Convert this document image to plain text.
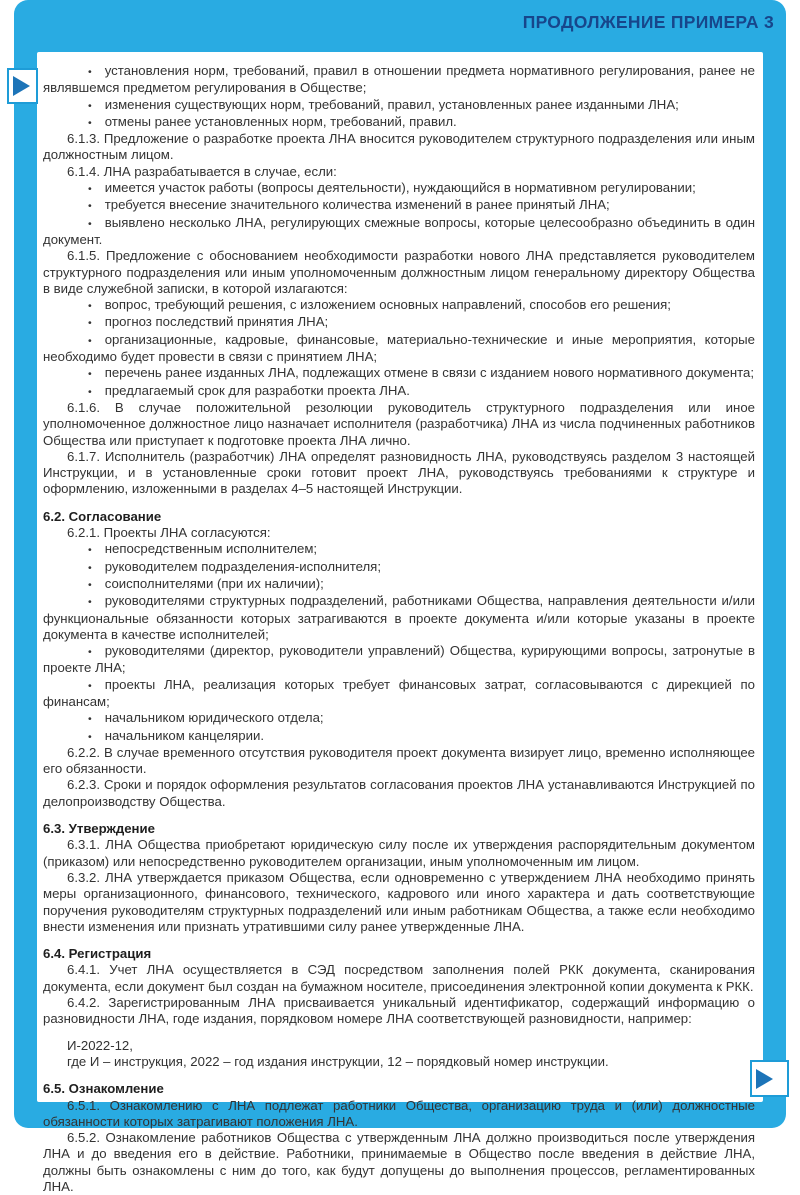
ПРОДОЛЖЕНИЕ ПРИМЕРА 3

• установления норм, требований, правил в отношении предмета нормативного регулирования, ранее не являвшемся предметом регулирования в Обществе;

• изменения существующих норм, требований, правил, установленных ранее изданными ЛНА;

• отмены ранее установленных норм, требований, правил.

6.1.3. Предложение о разработке проекта ЛНА вносится руководителем структурного подразделения или иным должностным лицом.

6.1.4. ЛНА разрабатывается в случае, если:

• имеется участок работы (вопросы деятельности), нуждающийся в нормативном регулировании;

• требуется внесение значительного количества изменений в ранее принятый ЛНА;

• выявлено несколько ЛНА, регулирующих смежные вопросы, которые целесообразно объединить в один документ.

6.1.5. Предложение с обоснованием необходимости разработки нового ЛНА представляется руководителем структурного подразделения или иным уполномоченным должностным лицом генеральному директору Общества в виде служебной записки, в которой излагаются:

• вопрос, требующий решения, с изложением основных направлений, способов его решения;

• прогноз последствий принятия ЛНА;

• организационные, кадровые, финансовые, материально-технические и иные мероприятия, которые необходимо будет провести в связи с принятием ЛНА;

• перечень ранее изданных ЛНА, подлежащих отмене в связи с изданием нового нормативного документа;

• предлагаемый срок для разработки проекта ЛНА.

6.1.6. В случае положительной резолюции руководитель структурного подразделения или иное уполномоченное должностное лицо назначает исполнителя (разработчика) ЛНА из числа подчиненных работников Общества или приступает к подготовке проекта ЛНА лично.

6.1.7. Исполнитель (разработчик) ЛНА определят разновидность ЛНА, руководствуясь разделом 3 настоящей Инструкции, и в установленные сроки готовит проект ЛНА, руководствуясь требованиями к структуре и оформлению, изложенными в разделах 4–5 настоящей Инструкции.

6.2. Согласование

6.2.1. Проекты ЛНА согласуются:

• непосредственным исполнителем;

• руководителем подразделения-исполнителя;

• соисполнителями (при их наличии);

• руководителями структурных подразделений, работниками Общества, направления деятельности и/или функциональные обязанности которых затрагиваются в проекте документа и/или которые указаны в проекте документа в качестве исполнителей;

• руководителями (директор, руководители управлений) Общества, курирующими вопросы, затронутые в проекте ЛНА;

• проекты ЛНА, реализация которых требует финансовых затрат, согласовываются с дирекцией по финансам;

• начальником юридического отдела;

• начальником канцелярии.

6.2.2. В случае временного отсутствия руководителя проект документа визирует лицо, временно исполняющее его обязанности.

6.2.3. Сроки и порядок оформления результатов согласования проектов ЛНА устанавливаются Инструкцией по делопроизводству Общества.

6.3. Утверждение

6.3.1. ЛНА Общества приобретают юридическую силу после их утверждения распорядительным документом (приказом) или непосредственно руководителем организации, иным уполномоченным им лицом.

6.3.2. ЛНА утверждается приказом Общества, если одновременно с утверждением ЛНА необходимо принять меры организационного, финансового, технического, кадрового или иного характера и дать соответствующие поручения руководителям структурных подразделений или иным работникам Общества, а также если необходимо внести изменения или признать утратившими силу ранее утвержденные ЛНА.

6.4. Регистрация

6.4.1. Учет ЛНА осуществляется в СЭД посредством заполнения полей РКК документа, сканирования документа, если документ был создан на бумажном носителе, присоединения электронной копии документа к РКК.

6.4.2. Зарегистрированным ЛНА присваивается уникальный идентификатор, содержащий информацию о разновидности ЛНА, годе издания, порядковом номере ЛНА соответствующей разновидности, например:

И-2022-12,

где И – инструкция, 2022 – год издания инструкции, 12 – порядковый номер инструкции.

6.5. Ознакомление

6.5.1. Ознакомлению с ЛНА подлежат работники Общества, организацию труда и (или) должностные обязанности которых затрагивают положения ЛНА.

6.5.2. Ознакомление работников Общества с утвержденным ЛНА должно производиться после утверждения ЛНА и до введения его в действие. Работники, принимаемые в Общество после введения в действие ЛНА, должны быть ознакомлены с ним до того, как будут допущены до выполнения процессов, регламентированных ЛНА.
